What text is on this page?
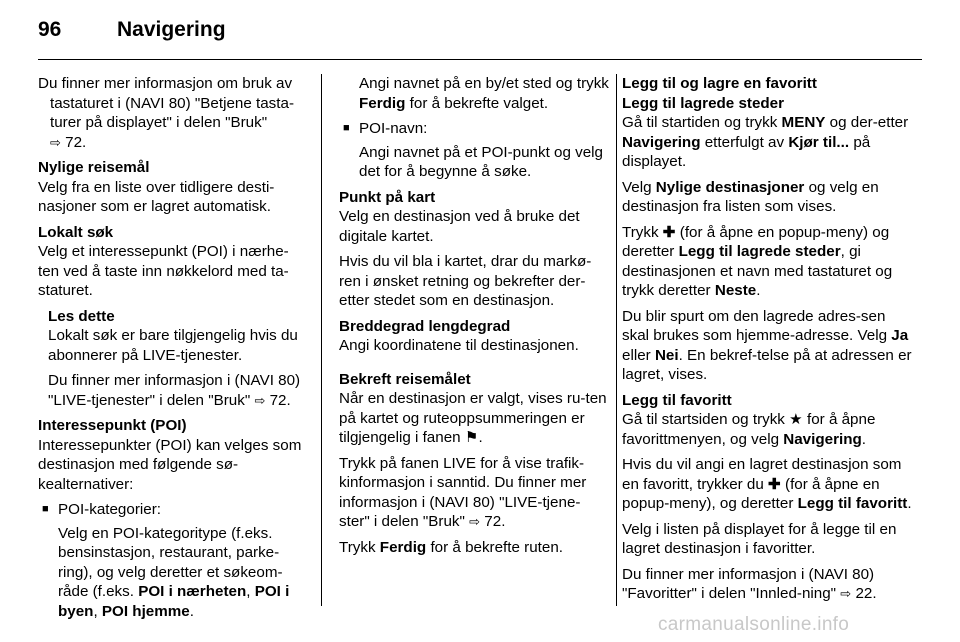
96	Navigering

Du finner mer informasjon om bruk av tastaturet i (NAVI 80) "Betjene tasta-turer på displayet" i delen "Bruk"
⇨ 72.

Nylige reisemål

Velg fra en liste over tidligere desti-nasjoner som er lagret automatisk.

Lokalt søk

Velg et interessepunkt (POI) i nærhe-ten ved å taste inn nøkkelord med ta-staturet.

Les dette

Lokalt søk er bare tilgjengelig hvis du abonnerer på LIVE-tjenester.

Du finner mer informasjon i (NAVI 80) "LIVE-tjenester" i delen "Bruk" ⇨ 72.

Interessepunkt (POI)

Interessepunkter (POI) kan velges som destinasjon med følgende sø-kealternativer:

■ POI-kategorier:

Velg en POI-kategoritype (f.eks. bensinstasjon, restaurant, parke-ring), og velg deretter et søkeom-råde (f.eks. POI i nærheten, POI i byen, POI hjemme.

Angi navnet på en by/et sted og trykk Ferdig for å bekrefte valget.

■ POI-navn:

Angi navnet på et POI-punkt og velg det for å begynne å søke.

Punkt på kart

Velg en destinasjon ved å bruke det digitale kartet.

Hvis du vil bla i kartet, drar du markø-ren i ønsket retning og bekrefter der-etter stedet som en destinasjon.

Breddegrad lengdegrad

Angi koordinatene til destinasjonen.

Bekreft reisemålet

Når en destinasjon er valgt, vises ru-ten på kartet og ruteoppsummeringen er tilgjengelig i fanen ⚑.

Trykk på fanen LIVE for å vise trafik-kinformasjon i sanntid. Du finner mer informasjon i (NAVI 80) "LIVE-tjene-ster" i delen "Bruk" ⇨ 72.

Trykk Ferdig for å bekrefte ruten.

Legg til og lagre en favoritt

Legg til lagrede steder

Gå til startiden og trykk MENY og der-etter Navigering etterfulgt av Kjør til... på displayet.

Velg Nylige destinasjoner og velg en destinasjon fra listen som vises.

Trykk ✚ (for å åpne en popup-meny) og deretter Legg til lagrede steder, gi destinasjonen et navn med tastaturet og trykk deretter Neste.

Du blir spurt om den lagrede adres-sen skal brukes som hjemme-adresse. Velg Ja eller Nei. En bekref-telse på at adressen er lagret, vises.

Legg til favoritt

Gå til startsiden og trykk ★ for å åpne favorittmenyen, og velg Navigering.

Hvis du vil angi en lagret destinasjon som en favoritt, trykker du ✚ (for å åpne en popup-meny), og deretter Legg til favoritt.

Velg i listen på displayet for å legge til en lagret destinasjon i favoritter.

Du finner mer informasjon i (NAVI 80) "Favoritter" i delen "Innled-ning" ⇨ 22.

carmanualsonline.info
